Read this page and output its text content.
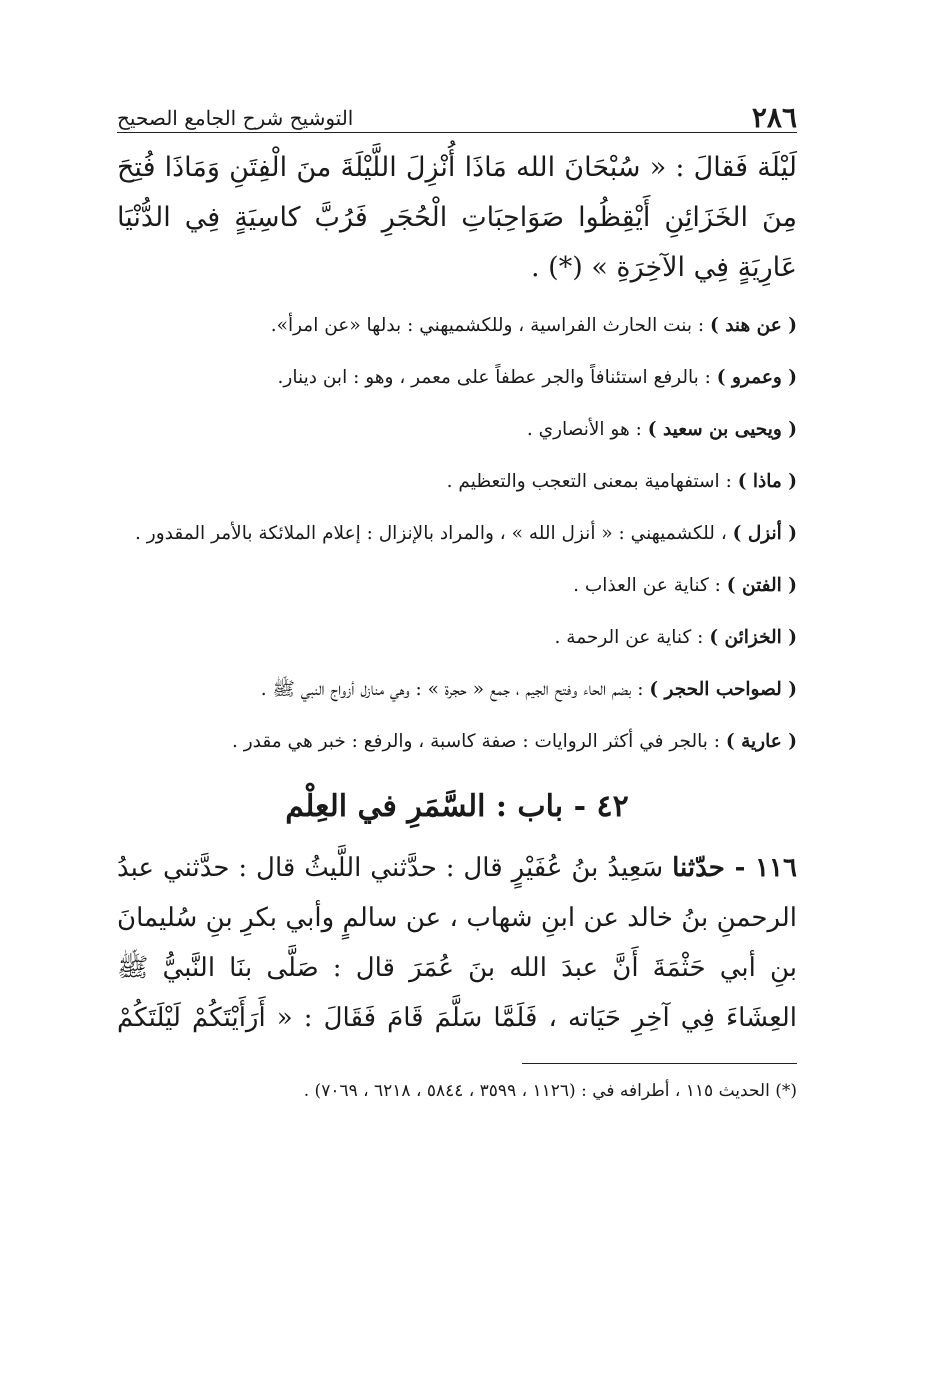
٢٨٦
التوشيح شرح الجامع الصحيح

لَيْلَة فَقالَ : « سُبْحَانَ الله مَاذَا أُنْزِلَ اللَّيْلَةَ منَ الْفِتَنِ وَمَاذَا فُتِحَ مِنَ الخَزَائِنِ أَيْقِظُوا صَوَاحِبَاتِ الْحُجَرِ فَرُبَّ كاسِيَةٍ فِي الدُّنْيَا عَارِيَةٍ فِي الآخِرَةِ » (*) .

( عن هند ) : بنت الحارث الفراسية ، وللكشميهني : بدلها «عن امرأ».

( وعمرو ) : بالرفع استئنافاً والجر عطفاً على معمر ، وهو : ابن دينار.

( ويحيى بن سعيد ) : هو الأنصاري .

( ماذا ) : استفهامية بمعنى التعجب والتعظيم .

( أنزل ) ، للكشميهني : « أنزل الله » ، والمراد بالإنزال : إعلام الملائكة بالأمر المقدور .

( الفتن ) : كناية عن العذاب .

( الخزائن ) : كناية عن الرحمة .

( لصواحب الحجر ) : بضم الحاء وفتح الجيم ، جمع « حجرة » : وهي منازل أزواج النبي ﷺ .

( عارية ) : بالجر في أكثر الروايات : صفة كاسبة ، والرفع : خبر هي مقدر .

٤٢ - باب : السَّمَرِ في العِلْم

١١٦ - حدّثنا سَعِيدُ بنُ عُفَيْرٍ قال : حدَّثني اللَّيثُ قال : حدَّثني عبدُ الرحمنِ بنُ خالد عن ابنِ شهاب ، عن سالمٍ وأبي بكرِ بنِ سُليمانَ بنِ أبي حَثْمَةَ أَنَّ عبدَ الله بنَ عُمَرَ قال : صَلَّى بنَا النَّبيُّ ﷺ العِشَاءَ فِي آخِرِ حَيَاته ، فَلَمَّا سَلَّمَ قَامَ فَقَالَ : « أَرَأَيْتَكُمْ لَيْلَتَكُمْ

(*) الحديث ١١٥ ، أطرافه في : (١١٢٦ ، ٣٥٩٩ ، ٥٨٤٤ ، ٦٢١٨ ، ٧٠٦٩) .
